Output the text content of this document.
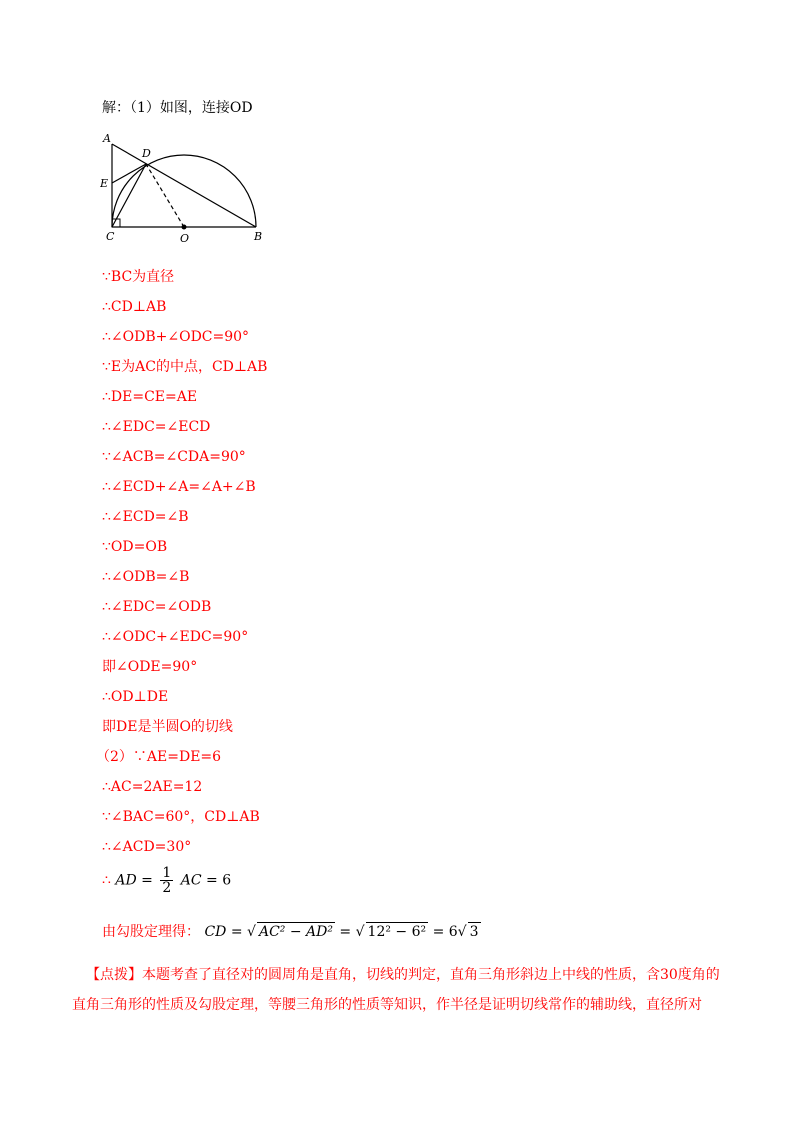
解：（1）如图，连接OD
A
D
E
C	O	B
∵BC为直径
∴CD⊥AB
∴∠ODB+∠ODC=90°
∵E为AC的中点，CD⊥AB
∴DE=CE=AE
∴∠EDC=∠ECD
∵∠ACB=∠CDA=90°
∴∠ECD+∠A=∠A+∠B
∴∠ECD=∠B
∵OD=OB
∴∠ODB=∠B
∴∠EDC=∠ODB
∴∠ODC+∠EDC=90°
即∠ODE=90°
∴OD⊥DE
即DE是半圆O的切线
（2）∵AE=DE=6
∴AC=2AE=12
∵∠BAC=60°，CD⊥AB
∴∠ACD=30°
∴ AD = $\frac{1}{2}$ AC = 6
由勾股定理得： CD = √ AC² − AD² = √ 12² − 6² = 6√ 3
【点拨】本题考查了直径对的圆周角是直角，切线的判定，直角三角形斜边上中线的性质，含30度角的直角三角形的性质及勾股定理，等腰三角形的性质等知识，作半径是证明切线常作的辅助线，直径所对
